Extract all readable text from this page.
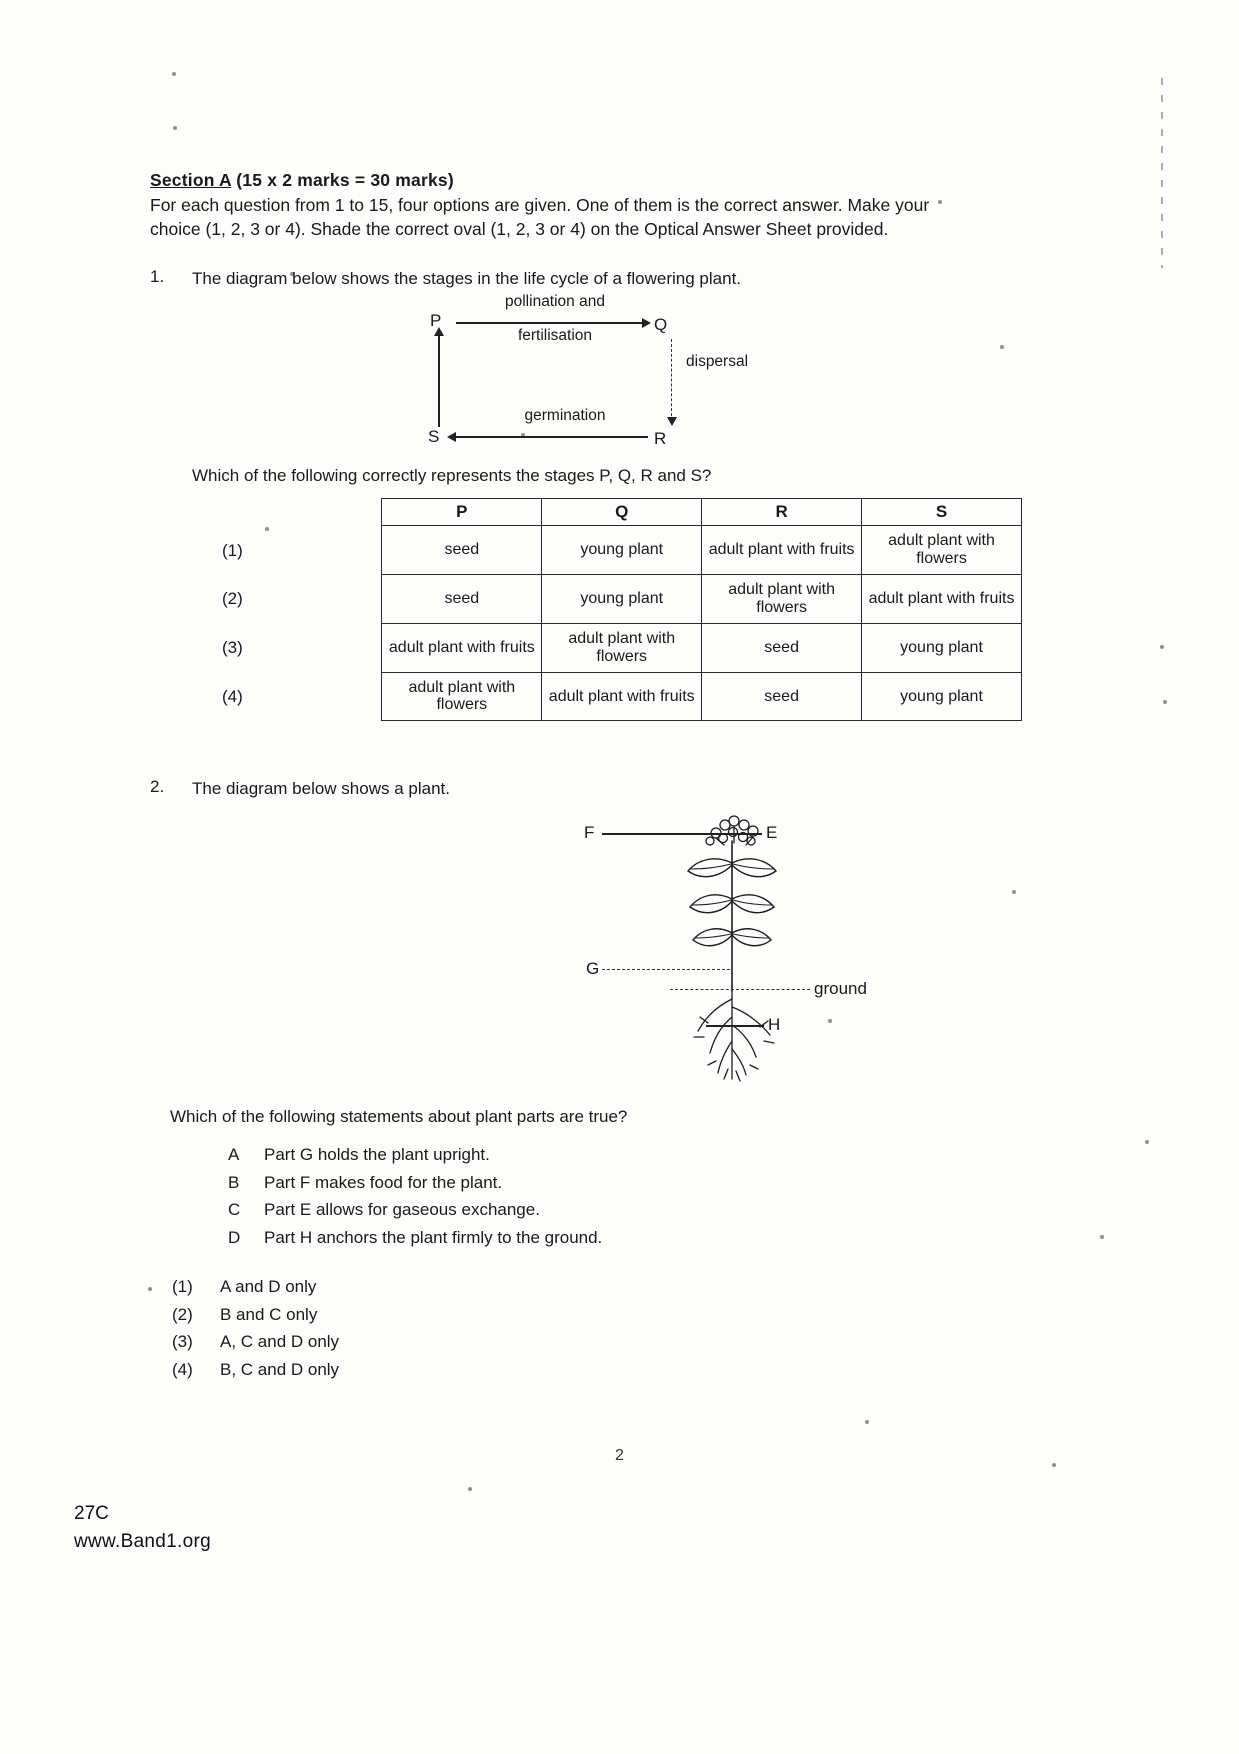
Section A (15 x 2 marks = 30 marks)

For each question from 1 to 15, four options are given. One of them is the correct answer. Make your choice (1, 2, 3 or 4). Shade the correct oval (1, 2, 3 or 4) on the Optical Answer Sheet provided.

1.	The diagram below shows the stages in the life cycle of a flowering plant.
P	Q
S	R
pollination and
fertilisation
dispersal
germination
Which of the following correctly represents the stages P, Q, R and S?
	P	Q	R	S
(1)	seed	young plant	adult plant with fruits	adult plant with flowers
(2)	seed	young plant	adult plant with flowers	adult plant with fruits
(3)	adult plant with fruits	adult plant with flowers	seed	young plant
(4)	adult plant with flowers	adult plant with fruits	seed	young plant
2.	The diagram below shows a plant.
F	E
G
ground
H
Which of the following statements about plant parts are true?
A Part G holds the plant upright.
B Part F makes food for the plant.
C Part E allows for gaseous exchange.
D Part H anchors the plant firmly to the ground.
(1) A and D only
(2) B and C only
(3) A, C and D only
(4) B, C and D only
2
27C
www.Band1.org
